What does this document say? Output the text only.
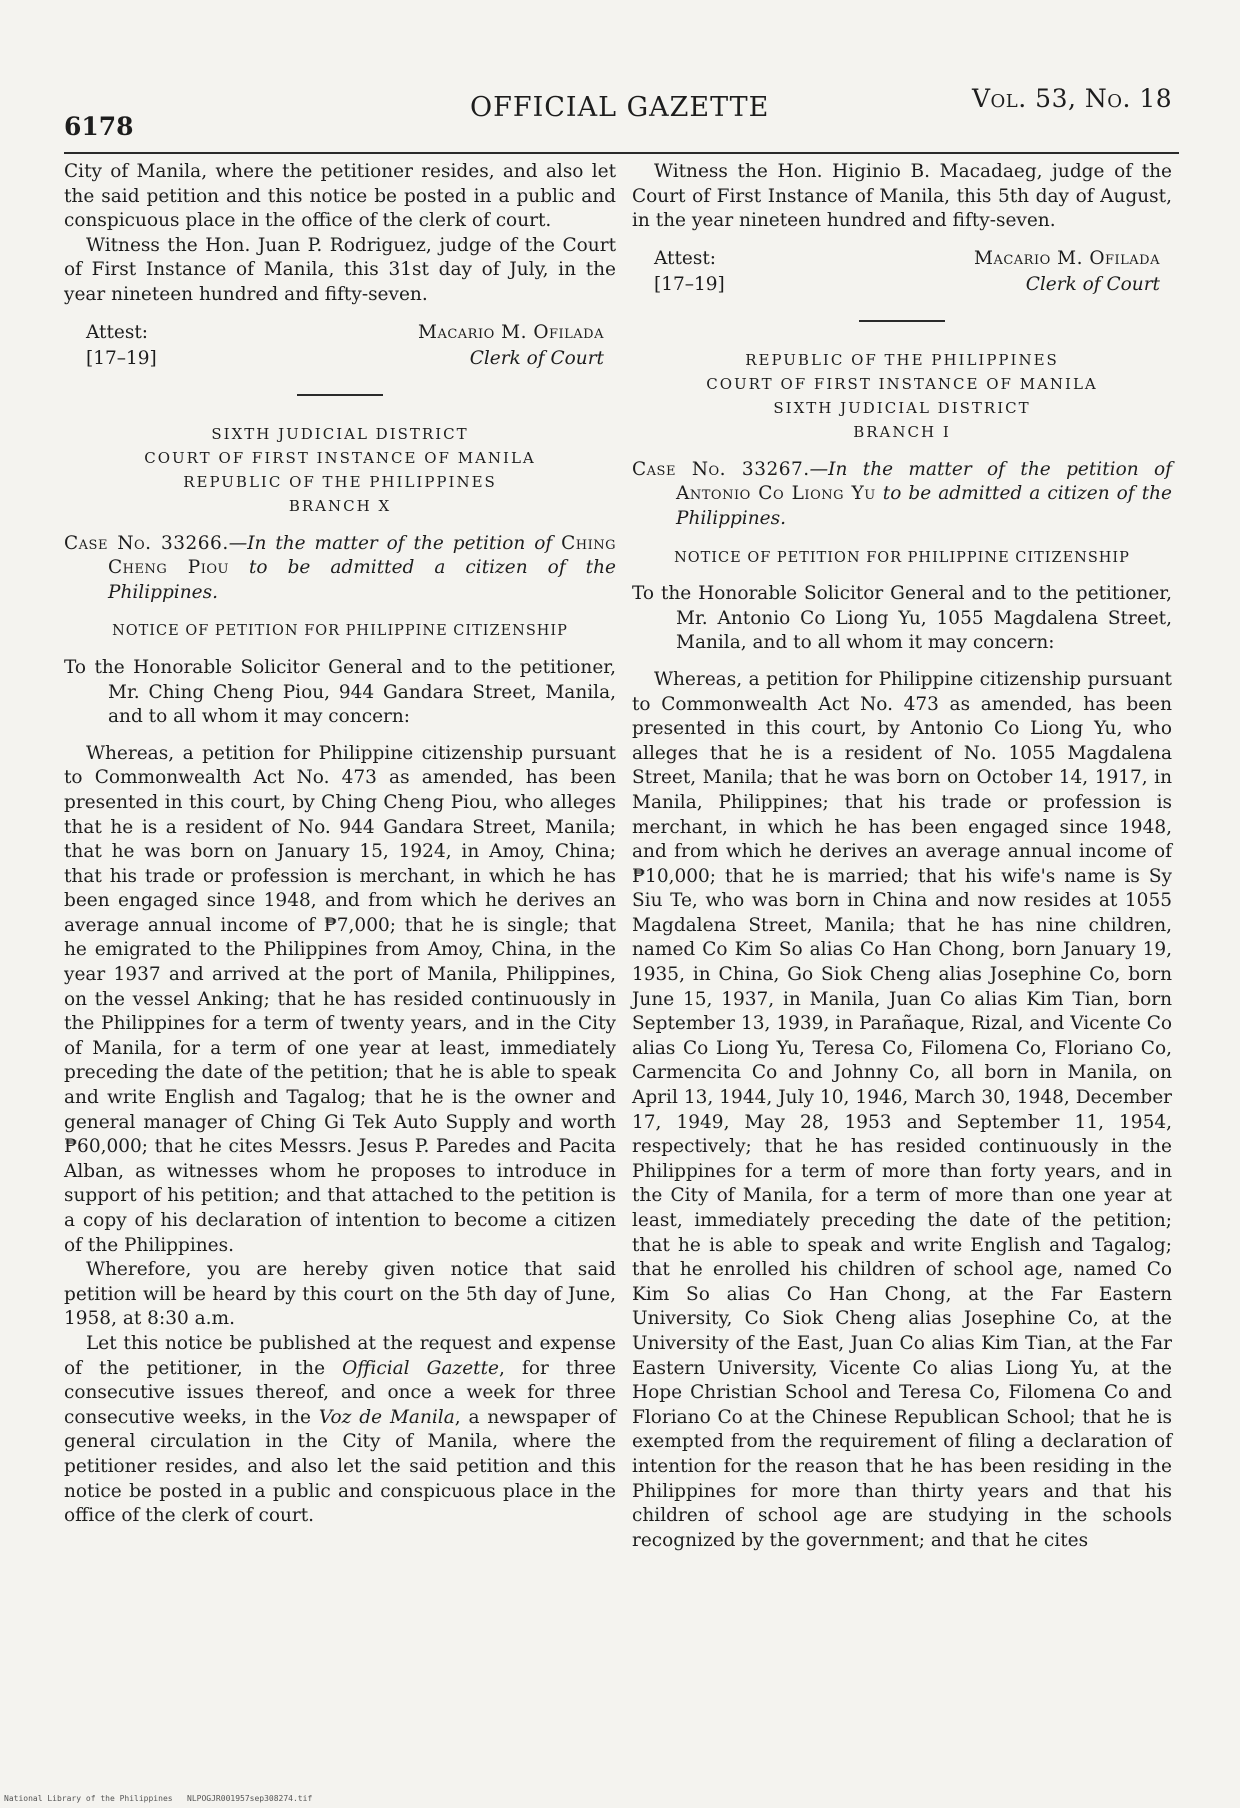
6178
OFFICIAL GAZETTE	Vol. 53, No. 18

City of Manila, where the petitioner resides, and also let the said petition and this notice be posted in a public and conspicuous place in the office of the clerk of court.

Witness the Hon. Juan P. Rodriguez, judge of the Court of First Instance of Manila, this 31st day of July, in the year nineteen hundred and fifty-seven.

Attest:
[17–19]
Macario M. Ofilada
Clerk of Court
SIXTH JUDICIAL DISTRICT
COURT OF FIRST INSTANCE OF MANILA
REPUBLIC OF THE PHILIPPINES
BRANCH X

Case No. 33266.—In the matter of the petition of Ching Cheng Piou to be admitted a citizen of the Philippines.

NOTICE OF PETITION FOR PHILIPPINE CITIZENSHIP

To the Honorable Solicitor General and to the petitioner, Mr. Ching Cheng Piou, 944 Gandara Street, Manila, and to all whom it may concern:

Whereas, a petition for Philippine citizenship pursuant to Commonwealth Act No. 473 as amended, has been presented in this court, by Ching Cheng Piou, who alleges that he is a resident of No. 944 Gandara Street, Manila; that he was born on January 15, 1924, in Amoy, China; that his trade or profession is merchant, in which he has been engaged since 1948, and from which he derives an average annual income of ₱7,000; that he is single; that he emigrated to the Philippines from Amoy, China, in the year 1937 and arrived at the port of Manila, Philippines, on the vessel Anking; that he has resided continuously in the Philippines for a term of twenty years, and in the City of Manila, for a term of one year at least, immediately preceding the date of the petition; that he is able to speak and write English and Tagalog; that he is the owner and general manager of Ching Gi Tek Auto Supply and worth ₱60,000; that he cites Messrs. Jesus P. Paredes and Pacita Alban, as witnesses whom he proposes to introduce in support of his petition; and that attached to the petition is a copy of his declaration of intention to become a citizen of the Philippines.

Wherefore, you are hereby given notice that said petition will be heard by this court on the 5th day of June, 1958, at 8:30 a.m.

Let this notice be published at the request and expense of the petitioner, in the Official Gazette, for three consecutive issues thereof, and once a week for three consecutive weeks, in the Voz de Manila, a newspaper of general circulation in the City of Manila, where the petitioner resides, and also let the said petition and this notice be posted in a public and conspicuous place in the office of the clerk of court.

Witness the Hon. Higinio B. Macadaeg, judge of the Court of First Instance of Manila, this 5th day of August, in the year nineteen hundred and fifty-seven.

Attest:
[17–19]
Macario M. Ofilada
Clerk of Court
REPUBLIC OF THE PHILIPPINES
COURT OF FIRST INSTANCE OF MANILA
SIXTH JUDICIAL DISTRICT
BRANCH I

Case No. 33267.—In the matter of the petition of Antonio Co Liong Yu to be admitted a citizen of the Philippines.

NOTICE OF PETITION FOR PHILIPPINE CITIZENSHIP

To the Honorable Solicitor General and to the petitioner, Mr. Antonio Co Liong Yu, 1055 Magdalena Street, Manila, and to all whom it may concern:

Whereas, a petition for Philippine citizenship pursuant to Commonwealth Act No. 473 as amended, has been presented in this court, by Antonio Co Liong Yu, who alleges that he is a resident of No. 1055 Magdalena Street, Manila; that he was born on October 14, 1917, in Manila, Philippines; that his trade or profession is merchant, in which he has been engaged since 1948, and from which he derives an average annual income of ₱10,000; that he is married; that his wife's name is Sy Siu Te, who was born in China and now resides at 1055 Magdalena Street, Manila; that he has nine children, named Co Kim So alias Co Han Chong, born January 19, 1935, in China, Go Siok Cheng alias Josephine Co, born June 15, 1937, in Manila, Juan Co alias Kim Tian, born September 13, 1939, in Parañaque, Rizal, and Vicente Co alias Co Liong Yu, Teresa Co, Filomena Co, Floriano Co, Carmencita Co and Johnny Co, all born in Manila, on April 13, 1944, July 10, 1946, March 30, 1948, December 17, 1949, May 28, 1953 and September 11, 1954, respectively; that he has resided continuously in the Philippines for a term of more than forty years, and in the City of Manila, for a term of more than one year at least, immediately preceding the date of the petition; that he is able to speak and write English and Tagalog; that he enrolled his children of school age, named Co Kim So alias Co Han Chong, at the Far Eastern University, Co Siok Cheng alias Josephine Co, at the University of the East, Juan Co alias Kim Tian, at the Far Eastern University, Vicente Co alias Liong Yu, at the Hope Christian School and Teresa Co, Filomena Co and Floriano Co at the Chinese Republican School; that he is exempted from the requirement of filing a declaration of intention for the reason that he has been residing in the Philippines for more than thirty years and that his children of school age are studying in the schools recognized by the government; and that he cites

National Library of the Philippines NLPOGJR001957sep308274.tif
